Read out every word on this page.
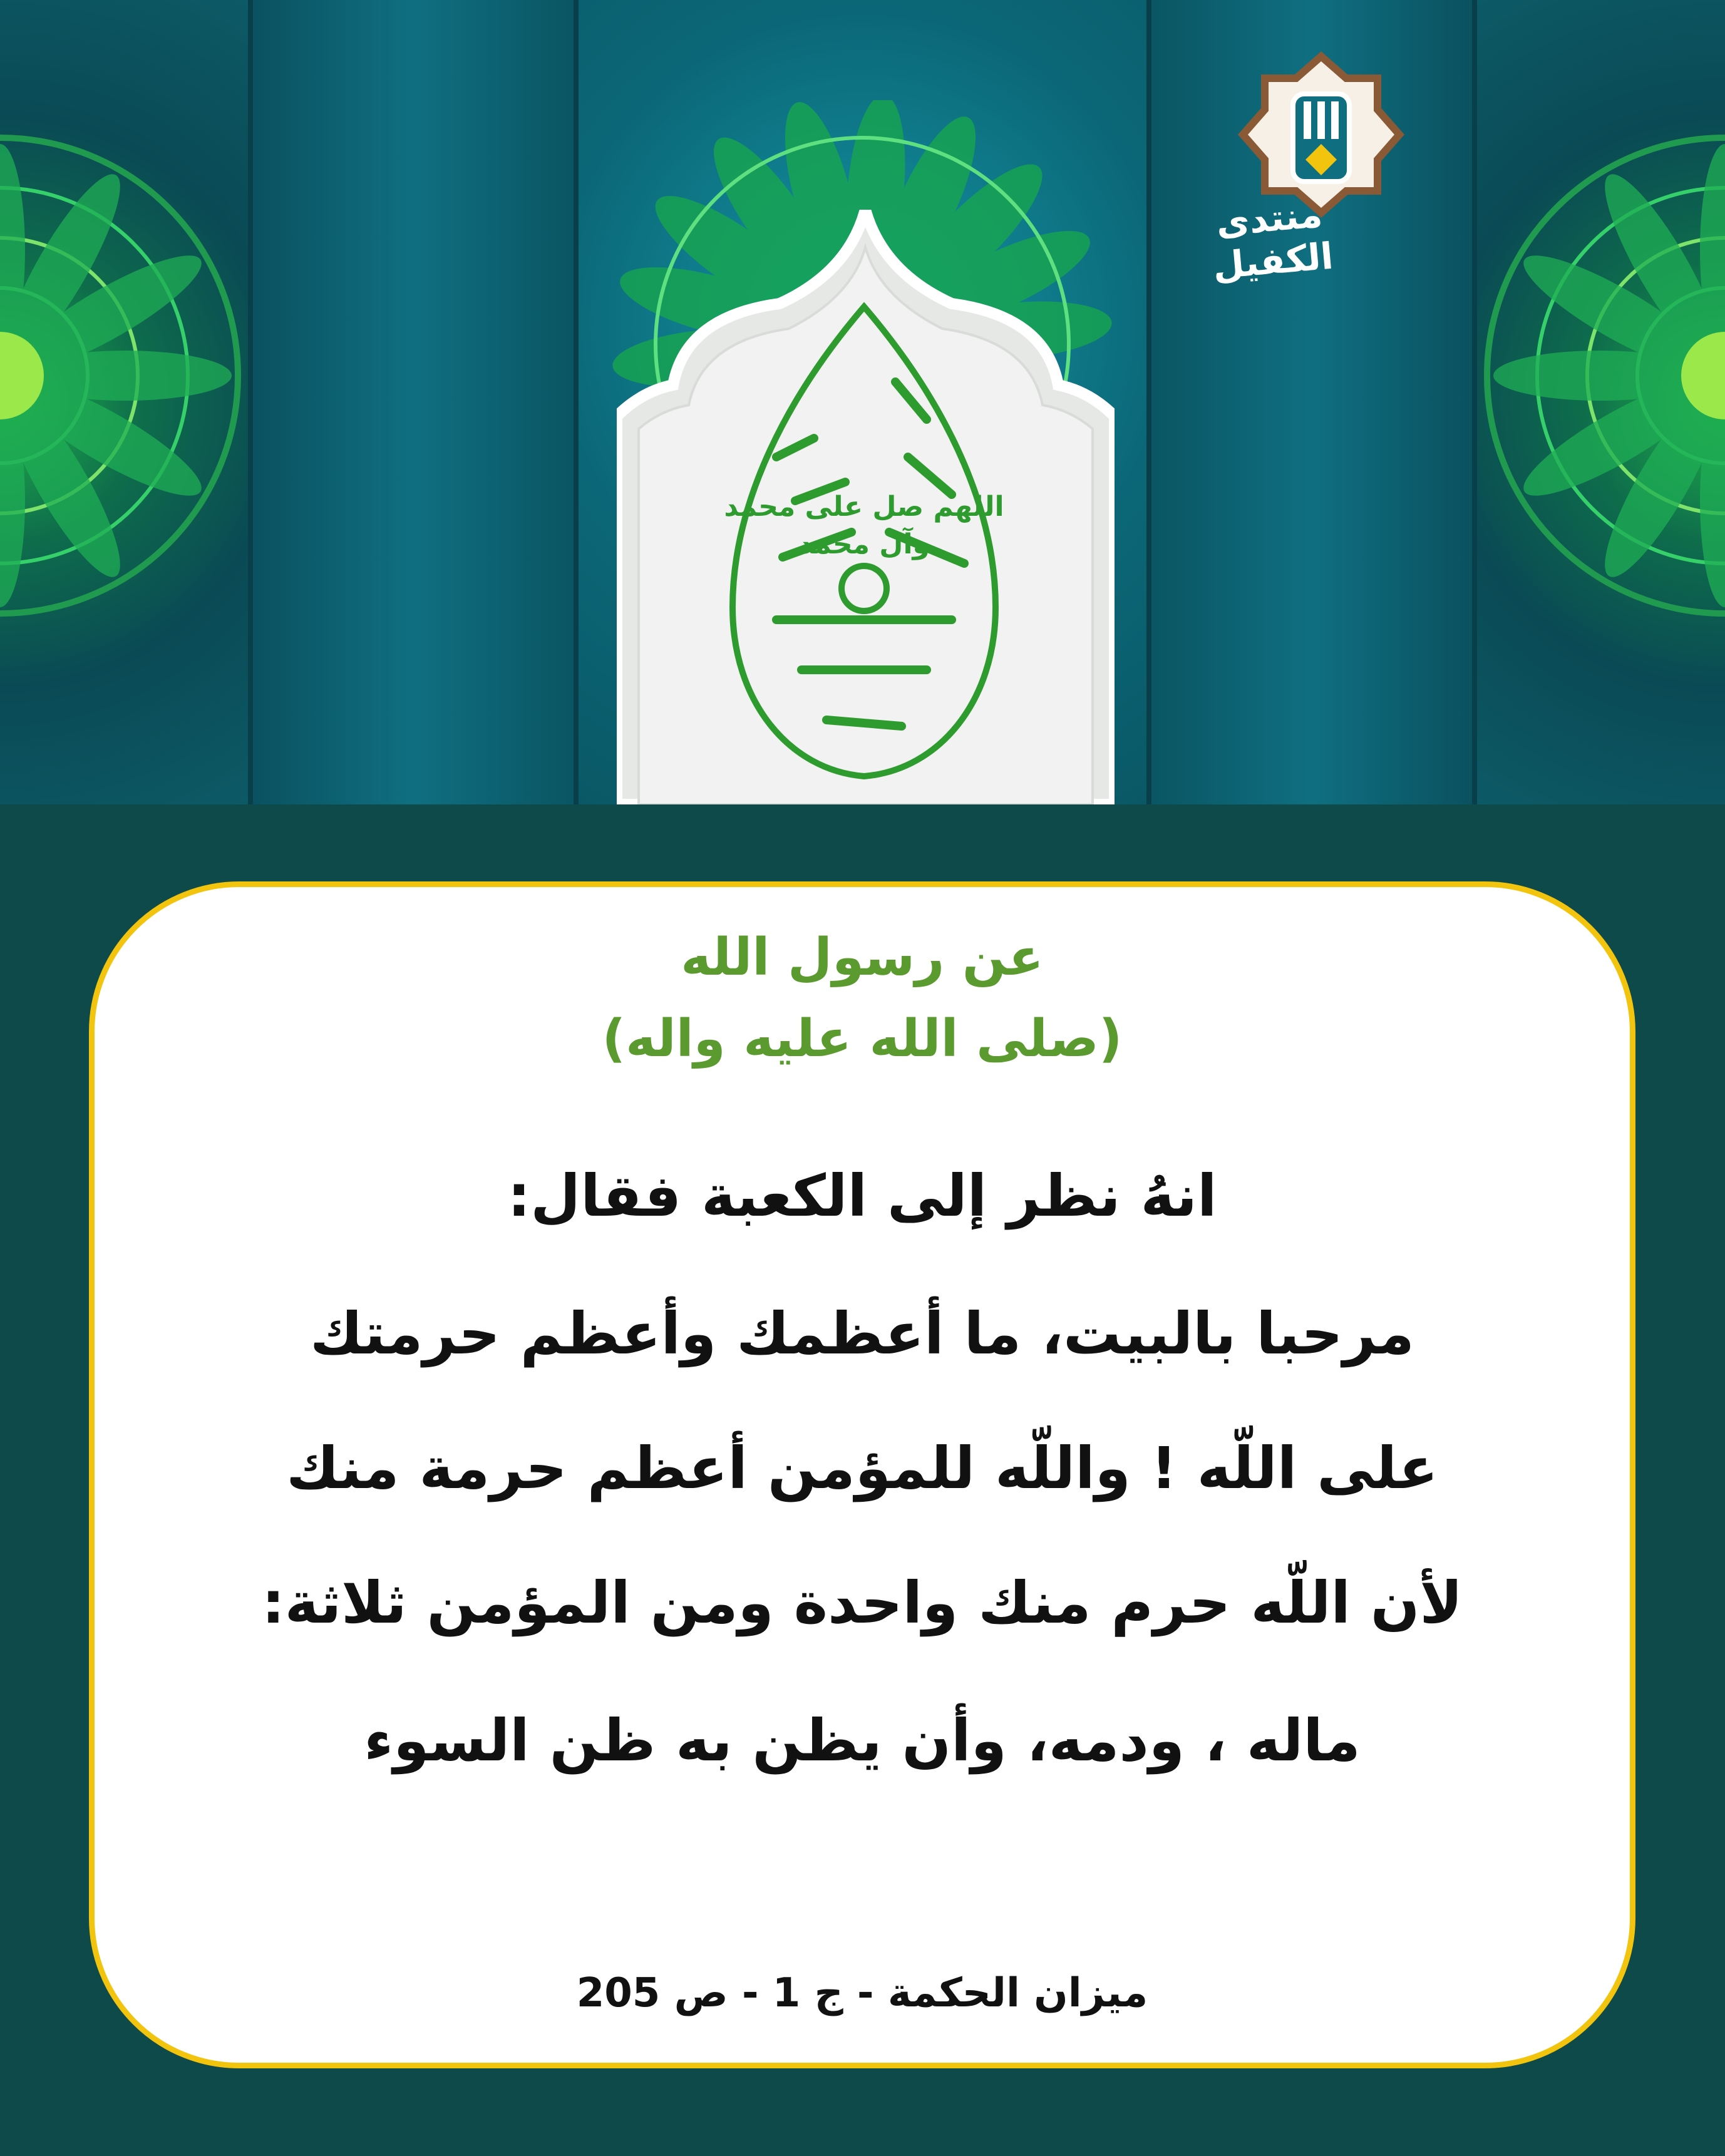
اللهم صل على محمد وآل محمد
منتدى الكفيل
عن رسول الله
(صلى الله عليه واله)
انهُ نظر إلى الكعبة فقال:
مرحبا بالبيت، ما أعظمك وأعظم حرمتك
على اللّه ! واللّه للمؤمن أعظم حرمة منك
لأن اللّه حرم منك واحدة ومن المؤمن ثلاثة:
ماله ، ودمه، وأن يظن به ظن السوء
ميزان الحكمة - ج 1 - ص 205
